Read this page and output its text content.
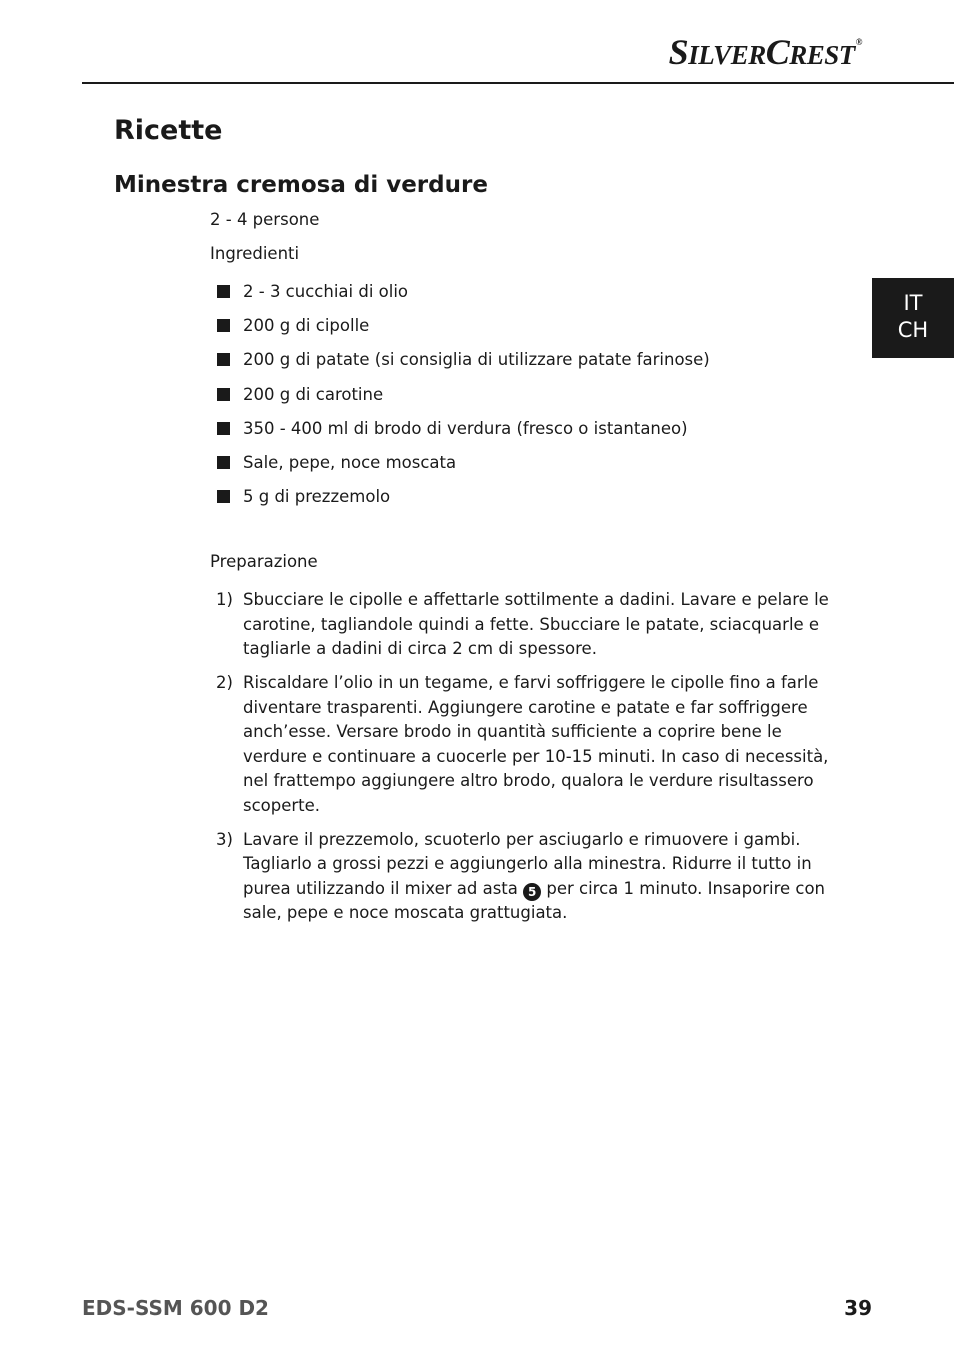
SILVERCREST®
Ricette
Minestra cremosa di verdure
2 - 4 persone
Ingredienti
2 - 3 cucchiai di olio
200 g di cipolle
200 g di patate (si consiglia di utilizzare patate farinose)
200 g di carotine
350 - 400 ml di brodo di verdura (fresco o istantaneo)
Sale, pepe, noce moscata
5 g di prezzemolo
Preparazione
1) Sbucciare le cipolle e affettarle sottilmente a dadini. Lavare e pelare le carotine, tagliandole quindi a fette. Sbucciare le patate, sciacquarle e tagliarle a dadini di circa 2 cm di spessore.
2) Riscaldare l’olio in un tegame, e farvi soffriggere le cipolle fino a farle diventare trasparenti. Aggiungere carotine e patate e far soffriggere anch’esse. Versare brodo in quantità sufficiente a coprire bene le verdure e continuare a cuocerle per 10-15 minuti. In caso di necessità, nel frattempo aggiungere altro brodo, qualora le verdure risultassero scoperte.
3) Lavare il prezzemolo, scuoterlo per asciugarlo e rimuovere i gambi. Tagliarlo a grossi pezzi e aggiungerlo alla minestra. Ridurre il tutto in purea utilizzando il mixer ad asta 5 per circa 1 minuto. Insaporire con sale, pepe e noce moscata grattugiata.
IT
CH
EDS-SSM 600 D2	39
